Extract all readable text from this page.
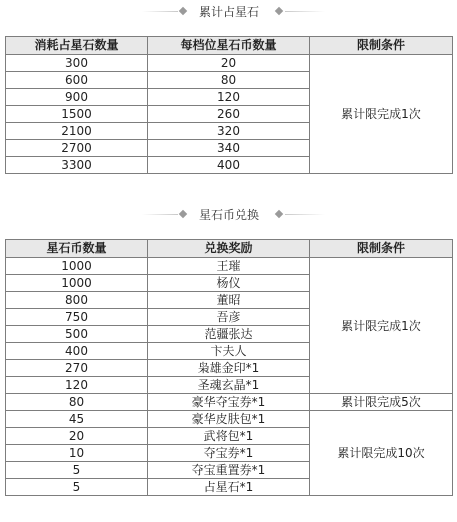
累计占星石
消耗占星石数量	每档位星石币数量	限制条件
300	20	累计限完成1次
600	80	
900	120	
1500	260	
2100	320	
2700	340	
3300	400	
星石币兑换
星石币数量	兑换奖励	限制条件
1000	王璀	累计限完成1次
1000	杨仪	
800	董昭	
750	吾彦	
500	范疆张达	
400	卞夫人	
270	枭雄金印*1	
120	圣魂玄晶*1	
80	豪华夺宝券*1	累计限完成5次
45	豪华皮肤包*1	累计限完成10次
20	武将包*1	
10	夺宝券*1	
5	夺宝重置券*1	
5	占星石*1	
